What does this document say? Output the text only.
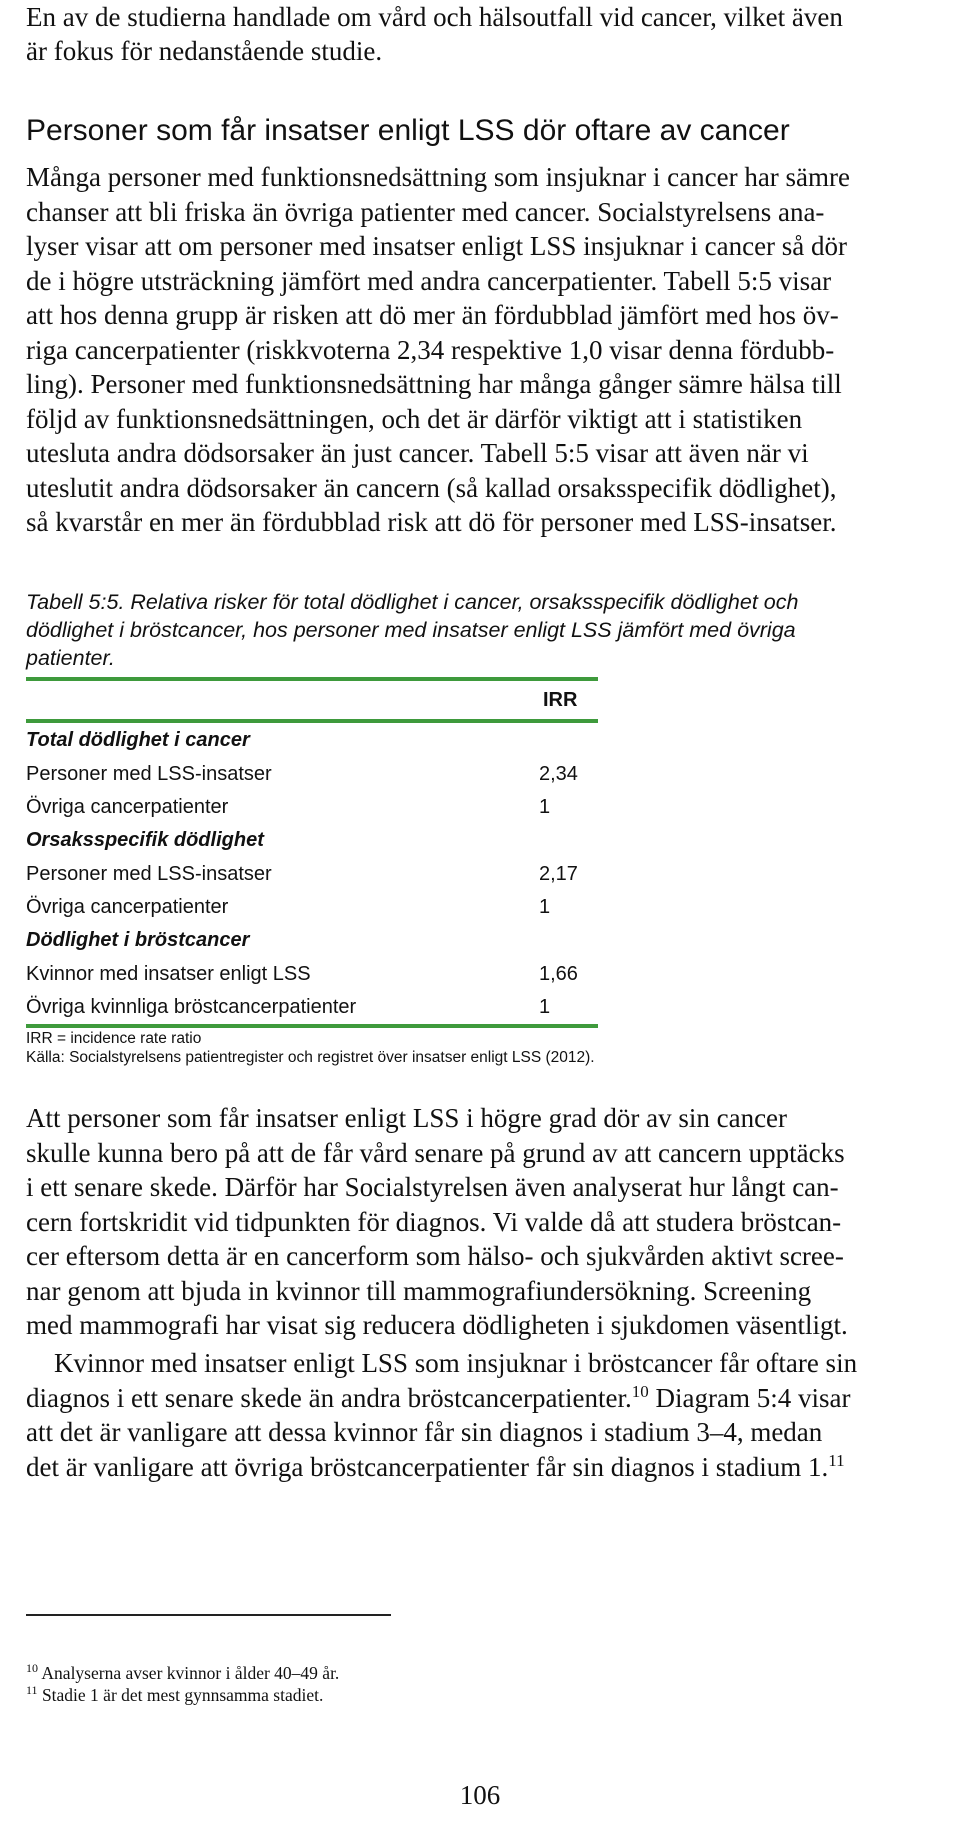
En av de studierna handlade om vård och hälsoutfall vid cancer, vilket även
är fokus för nedanstående studie.
Personer som får insatser enligt LSS dör oftare av cancer
Många personer med funktionsnedsättning som insjuknar i cancer har sämre
chanser att bli friska än övriga patienter med cancer. Socialstyrelsens ana-
lyser visar att om personer med insatser enligt LSS insjuknar i cancer så dör
de i högre utsträckning jämfört med andra cancerpatienter. Tabell 5:5 visar
att hos denna grupp är risken att dö mer än fördubblad jämfört med hos öv-
riga cancerpatienter (riskkvoterna 2,34 respektive 1,0 visar denna fördubb-
ling). Personer med funktionsnedsättning har många gånger sämre hälsa till
följd av funktionsnedsättningen, och det är därför viktigt att i statistiken
utesluta andra dödsorsaker än just cancer. Tabell 5:5 visar att även när vi
uteslutit andra dödsorsaker än cancern (så kallad orsaksspecifik dödlighet),
så kvarstår en mer än fördubblad risk att dö för personer med LSS-insatser.
Tabell 5:5. Relativa risker för total dödlighet i cancer, orsaksspecifik dödlighet och
dödlighet i bröstcancer, hos personer med insatser enligt LSS jämfört med övriga
patienter.
IRR
Total dödlighet i cancer
Personer med LSS-insatser	2,34
Övriga cancerpatienter	1
Orsaksspecifik dödlighet
Personer med LSS-insatser	2,17
Övriga cancerpatienter	1
Dödlighet i bröstcancer
Kvinnor med insatser enligt LSS	1,66
Övriga kvinnliga bröstcancerpatienter	1
IRR = incidence rate ratio
Källa: Socialstyrelsens patientregister och registret över insatser enligt LSS (2012).
Att personer som får insatser enligt LSS i högre grad dör av sin cancer
skulle kunna bero på att de får vård senare på grund av att cancern upptäcks
i ett senare skede. Därför har Socialstyrelsen även analyserat hur långt can-
cern fortskridit vid tidpunkten för diagnos. Vi valde då att studera bröstcan-
cer eftersom detta är en cancerform som hälso- och sjukvården aktivt scree-
nar genom att bjuda in kvinnor till mammografiundersökning. Screening
med mammografi har visat sig reducera dödligheten i sjukdomen väsentligt.
Kvinnor med insatser enligt LSS som insjuknar i bröstcancer får oftare sin
diagnos i ett senare skede än andra bröstcancerpatienter.$^{10}$ Diagram 5:4 visar
att det är vanligare att dessa kvinnor får sin diagnos i stadium 3–4, medan
det är vanligare att övriga bröstcancerpatienter får sin diagnos i stadium 1.11
$^{10}$ Analyserna avser kvinnor i ålder 40–49 år.
$^{11}$ Stadie 1 är det mest gynnsamma stadiet.
106
